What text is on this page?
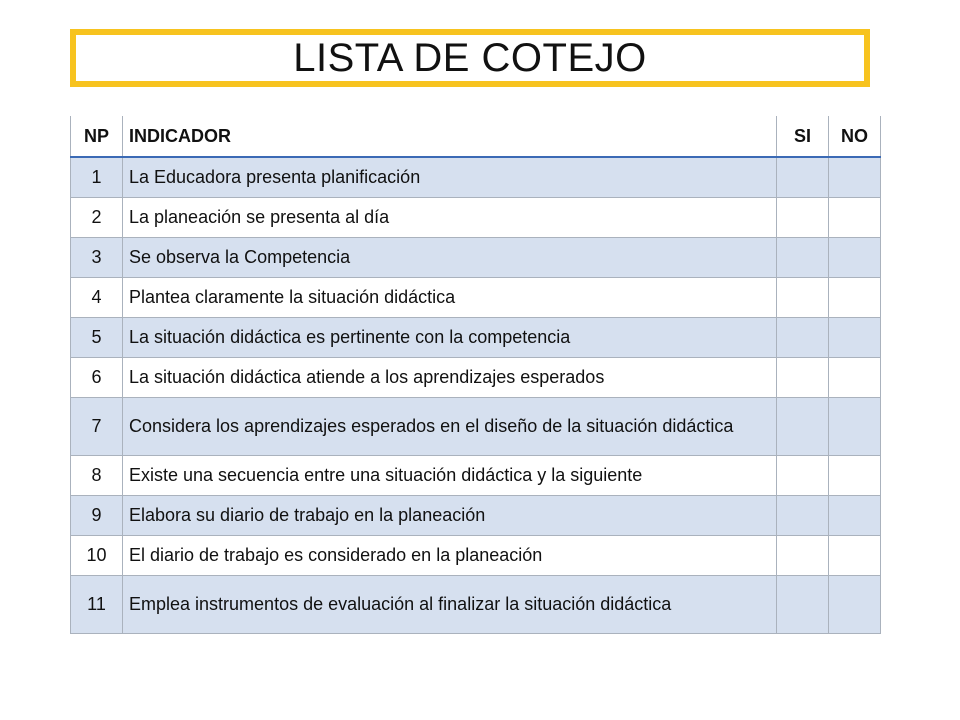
LISTA DE COTEJO
NP	INDICADOR	SI	NO
1	La Educadora presenta planificación		
2	La planeación se presenta al día		
3	Se observa la Competencia		
4	Plantea claramente la situación didáctica		
5	La situación didáctica es pertinente con la competencia		
6	La situación didáctica atiende a los aprendizajes esperados		
7	Considera los aprendizajes esperados en el diseño de la situación didáctica		
8	Existe una secuencia entre una situación didáctica y la siguiente		
9	Elabora su diario de trabajo en la planeación		
10	El diario de trabajo es considerado en la planeación		
11	Emplea instrumentos de evaluación al finalizar la situación didáctica		
